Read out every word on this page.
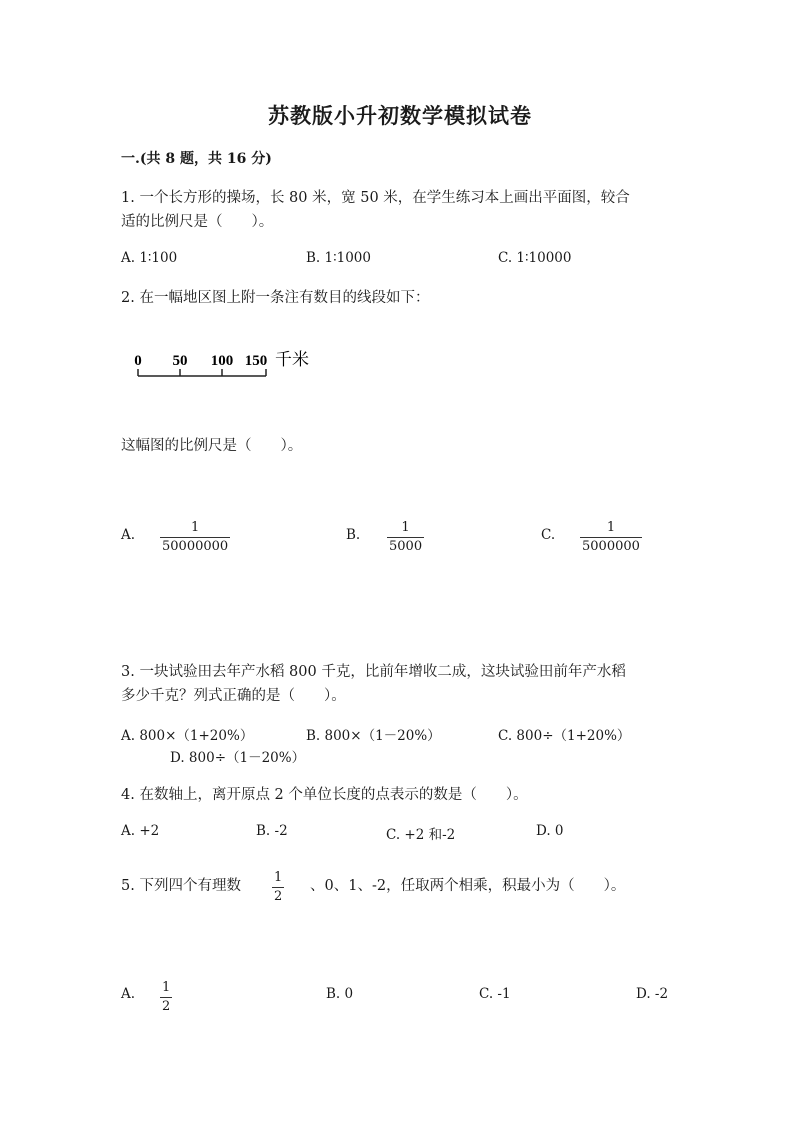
苏教版小升初数学模拟试卷
一.(共 8 题，共 16 分)
1. 一个长方形的操场，长 80 米，宽 50 米，在学生练习本上画出平面图，较合
适的比例尺是（　　）。
A. 1∶100	B. 1∶1000	C. 1∶10000
2. 在一幅地区图上附一条注有数目的线段如下：
0 50 100 150 千米
这幅图的比例尺是（　　）。
A.	1
50000000
B.	1
5000
C.	1
5000000
3. 一块试验田去年产水稻 800 千克，比前年增收二成，这块试验田前年产水稻
多少千克？列式正确的是（　　）。
A. 800×（1+20%）	B. 800×（1－20%）	C. 800÷（1+20%）
D. 800÷（1－20%）
4. 在数轴上，离开原点 2 个单位长度的点表示的数是（　　）。
A. +2	B. -2	C. +2 和-2	D. 0
5. 下列四个有理数
1
2
、0、1、-2，任取两个相乘，积最小为（　　）。
A. 1
2
B. 0	C. -1	D. -2
